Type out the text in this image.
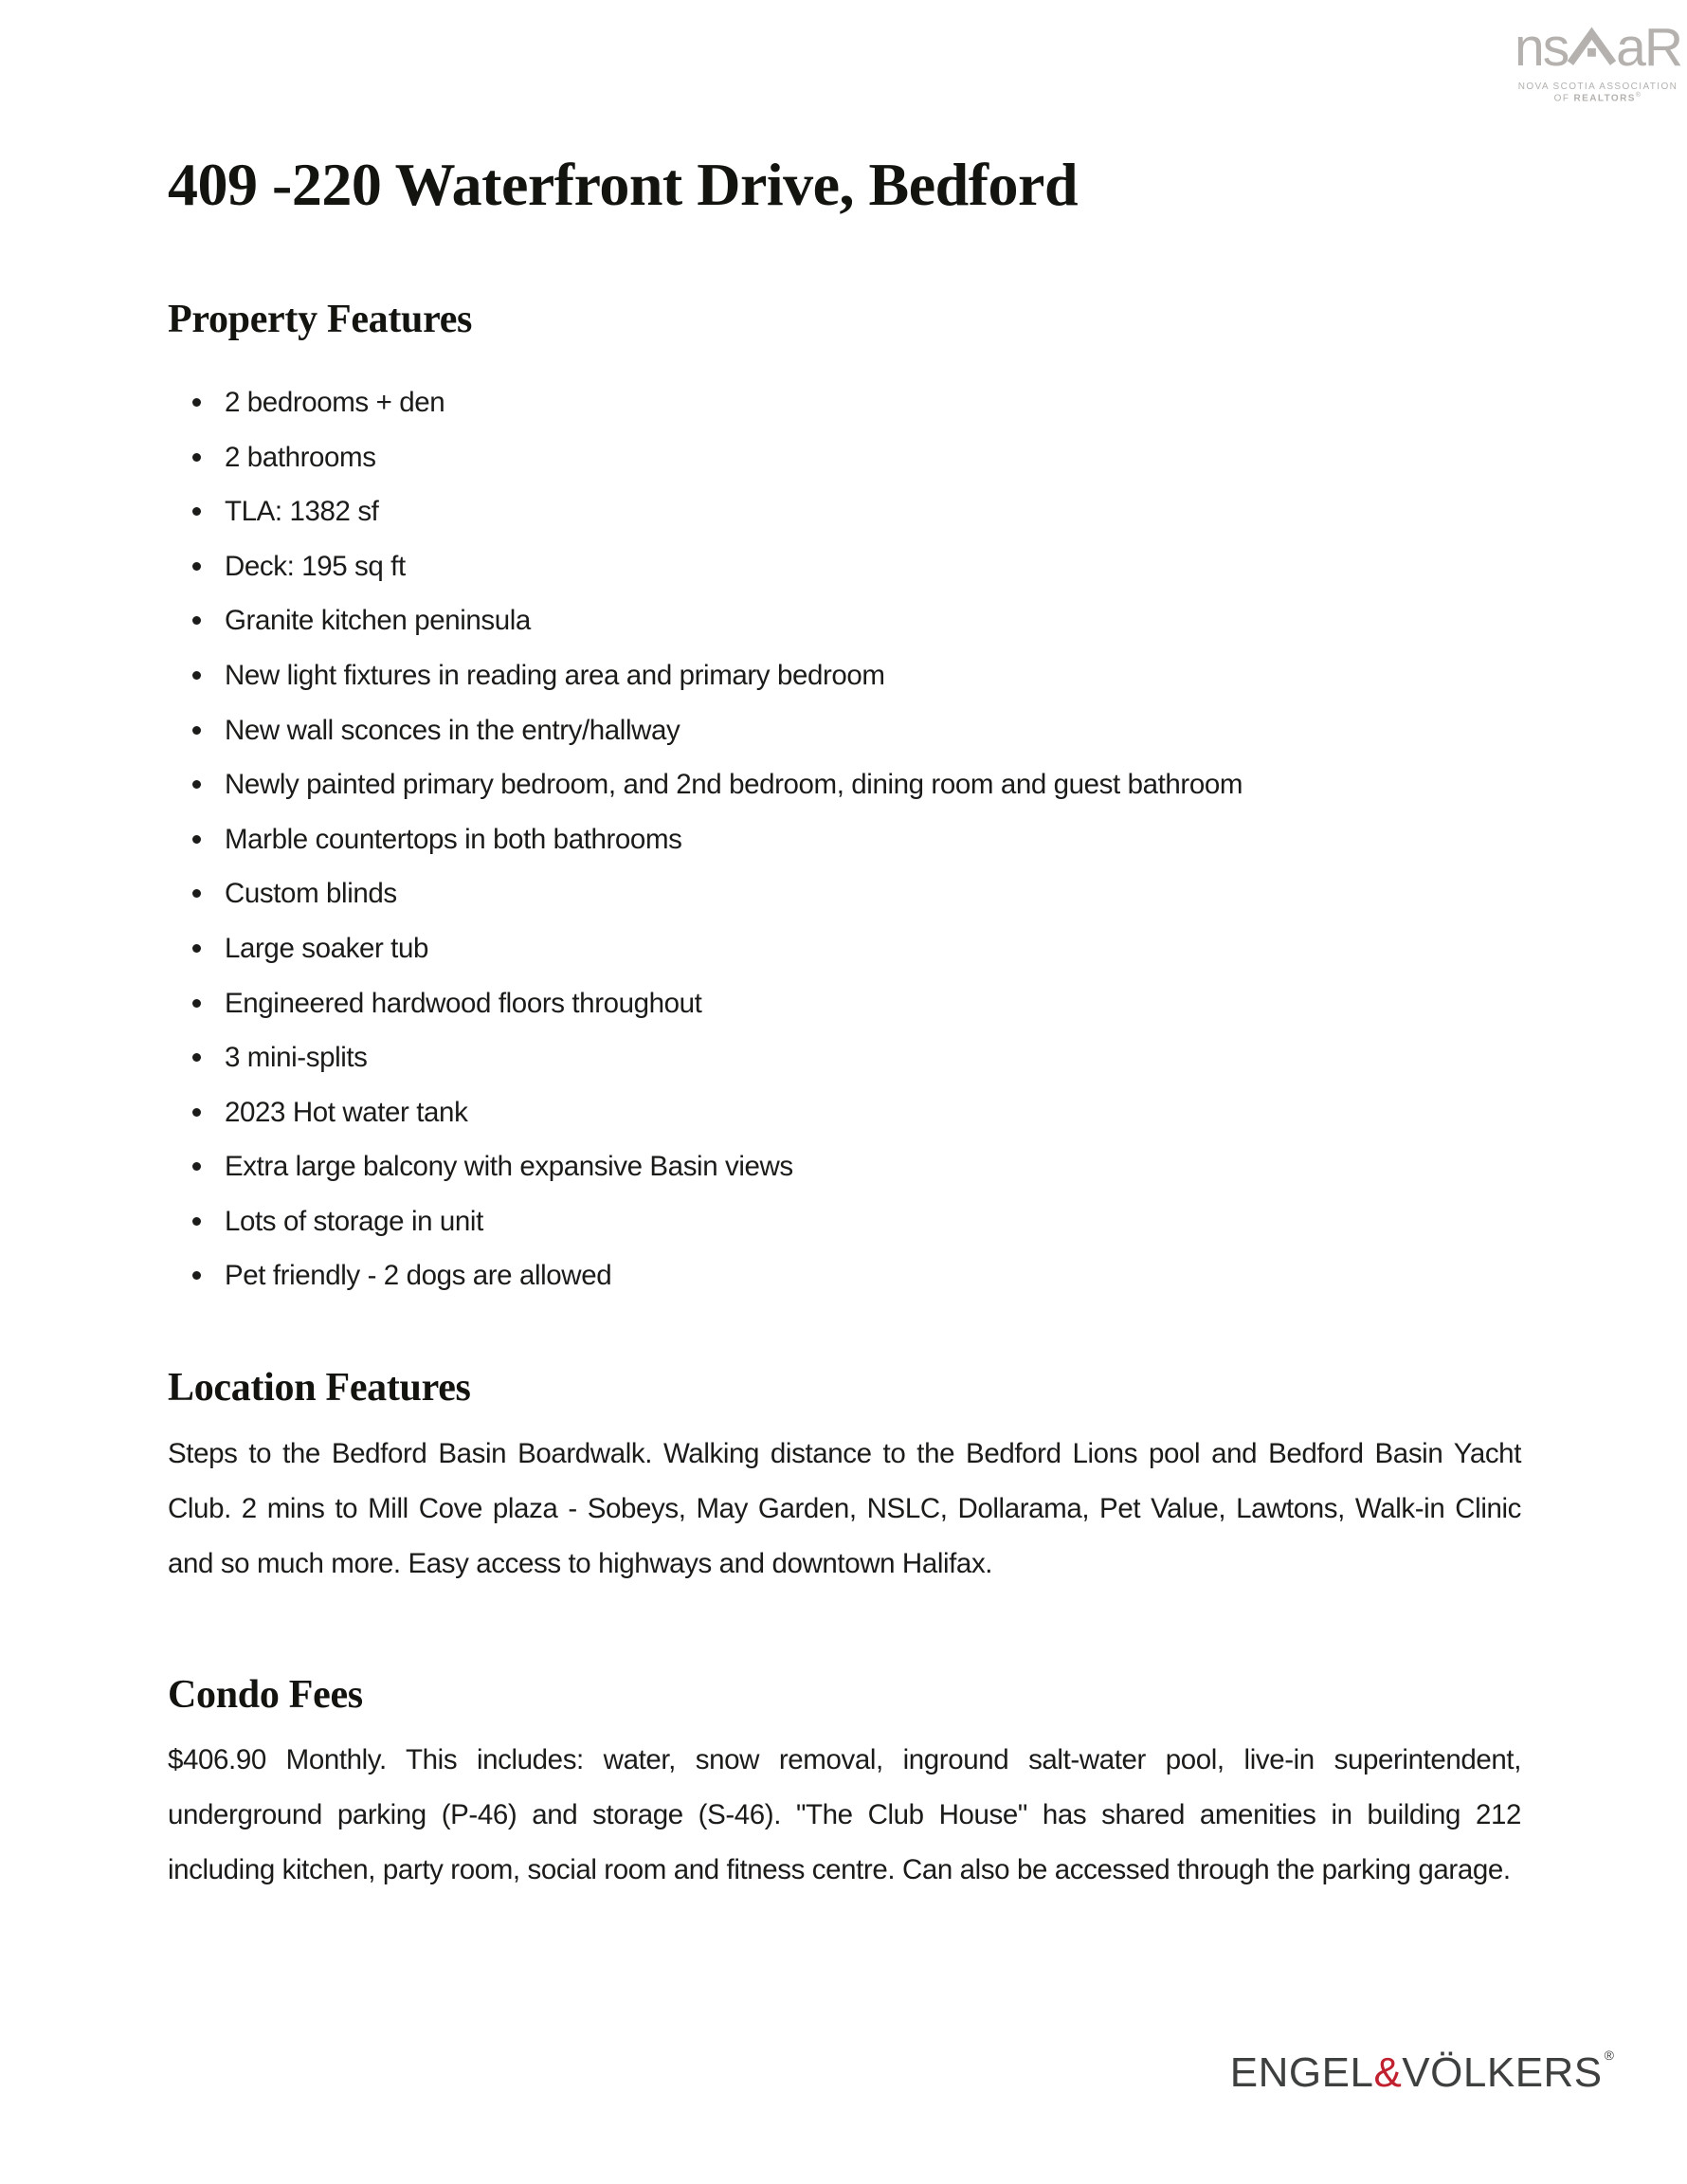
ns aR
NOVA SCOTIA ASSOCIATION
OF REALTORS®
409 -220 Waterfront Drive, Bedford
Property Features
2 bedrooms + den
2 bathrooms
TLA: 1382 sf
Deck: 195 sq ft
Granite kitchen peninsula
New light fixtures in reading area and primary bedroom
New wall sconces in the entry/hallway
Newly painted primary bedroom, and 2nd bedroom, dining room and guest bathroom
Marble countertops in both bathrooms
Custom blinds
Large soaker tub
Engineered hardwood floors throughout
3 mini-splits
2023 Hot water tank
Extra large balcony with expansive Basin views
Lots of storage in unit
Pet friendly - 2 dogs are allowed
Location Features

Steps to the Bedford Basin Boardwalk. Walking distance to the Bedford Lions pool and Bedford Basin Yacht Club. 2 mins to Mill Cove plaza - Sobeys, May Garden, NSLC, Dollarama, Pet Value, Lawtons, Walk-in Clinic and so much more. Easy access to highways and downtown Halifax.

Condo Fees

$406.90 Monthly. This includes: water, snow removal, inground salt-water pool, live-in superintendent, underground parking (P-46) and storage (S-46). "The Club House" has shared amenities in building 212 including kitchen, party room, social room and fitness centre. Can also be accessed through the parking garage.

ENGEL&VÖLKERS ®
